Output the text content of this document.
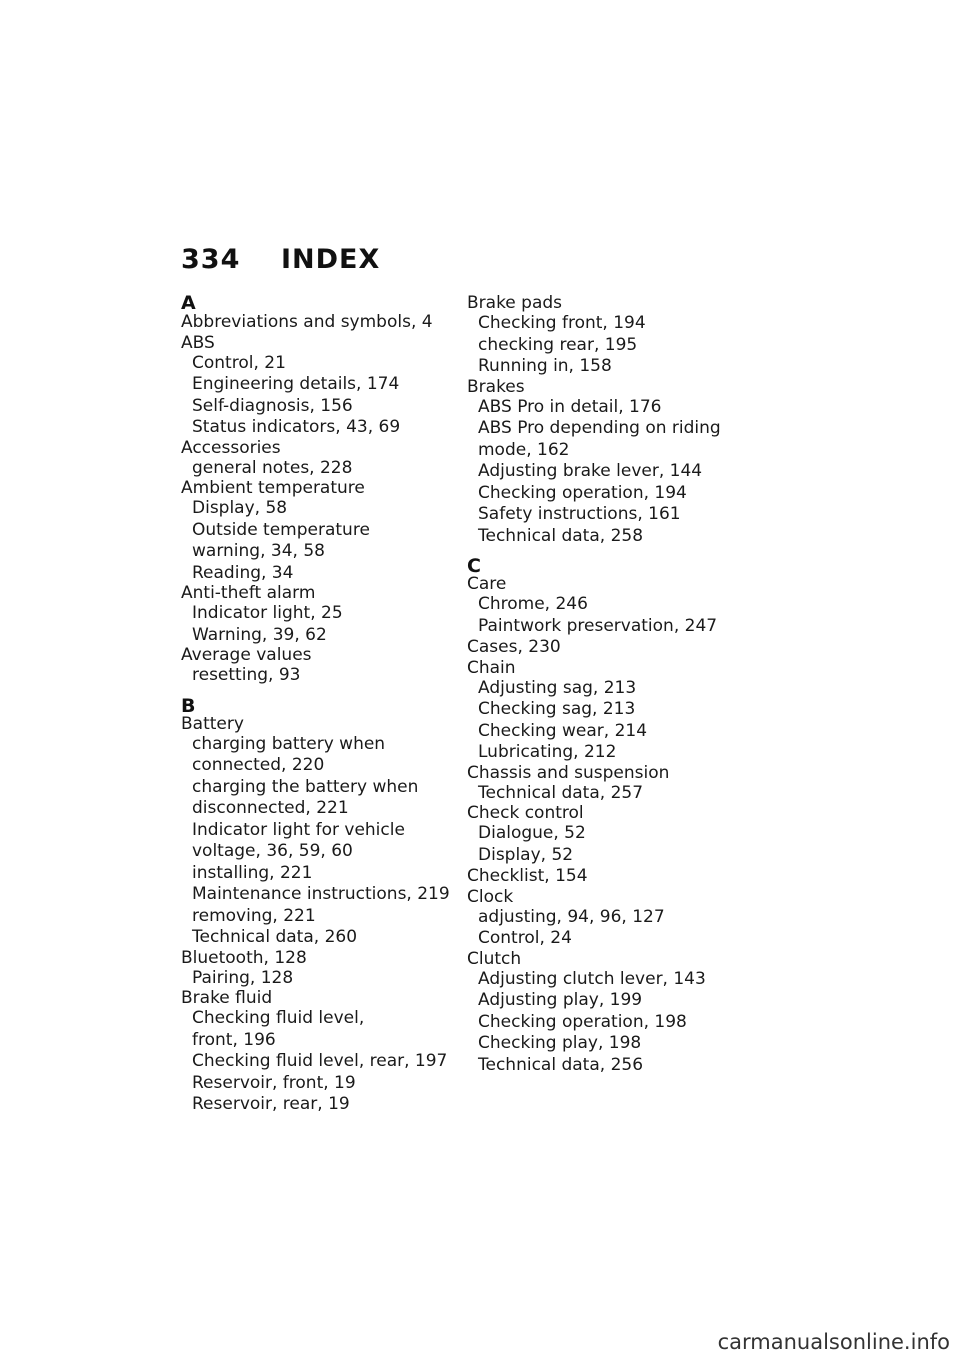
334 INDEX
A
Abbreviations and symbols, 4
ABS
Control, 21
Engineering details, 174
Self-diagnosis, 156
Status indicators, 43, 69
Accessories
general notes, 228
Ambient temperature
Display, 58
Outside temperature
warning, 34, 58
Reading, 34
Anti-theft alarm
Indicator light, 25
Warning, 39, 62
Average values
resetting, 93
B
Battery
charging battery when
connected, 220
charging the battery when
disconnected, 221
Indicator light for vehicle
voltage, 36, 59, 60
installing, 221
Maintenance instructions, 219
removing, 221
Technical data, 260
Bluetooth, 128
Pairing, 128
Brake fluid
Checking fluid level,
front, 196
Checking fluid level, rear, 197
Reservoir, front, 19
Reservoir, rear, 19
Brake pads
Checking front, 194
checking rear, 195
Running in, 158
Brakes
ABS Pro in detail, 176
ABS Pro depending on riding
mode, 162
Adjusting brake lever, 144
Checking operation, 194
Safety instructions, 161
Technical data, 258
C
Care
Chrome, 246
Paintwork preservation, 247
Cases, 230
Chain
Adjusting sag, 213
Checking sag, 213
Checking wear, 214
Lubricating, 212
Chassis and suspension
Technical data, 257
Check control
Dialogue, 52
Display, 52
Checklist, 154
Clock
adjusting, 94, 96, 127
Control, 24
Clutch
Adjusting clutch lever, 143
Adjusting play, 199
Checking operation, 198
Checking play, 198
Technical data, 256
carmanualsonline.info
